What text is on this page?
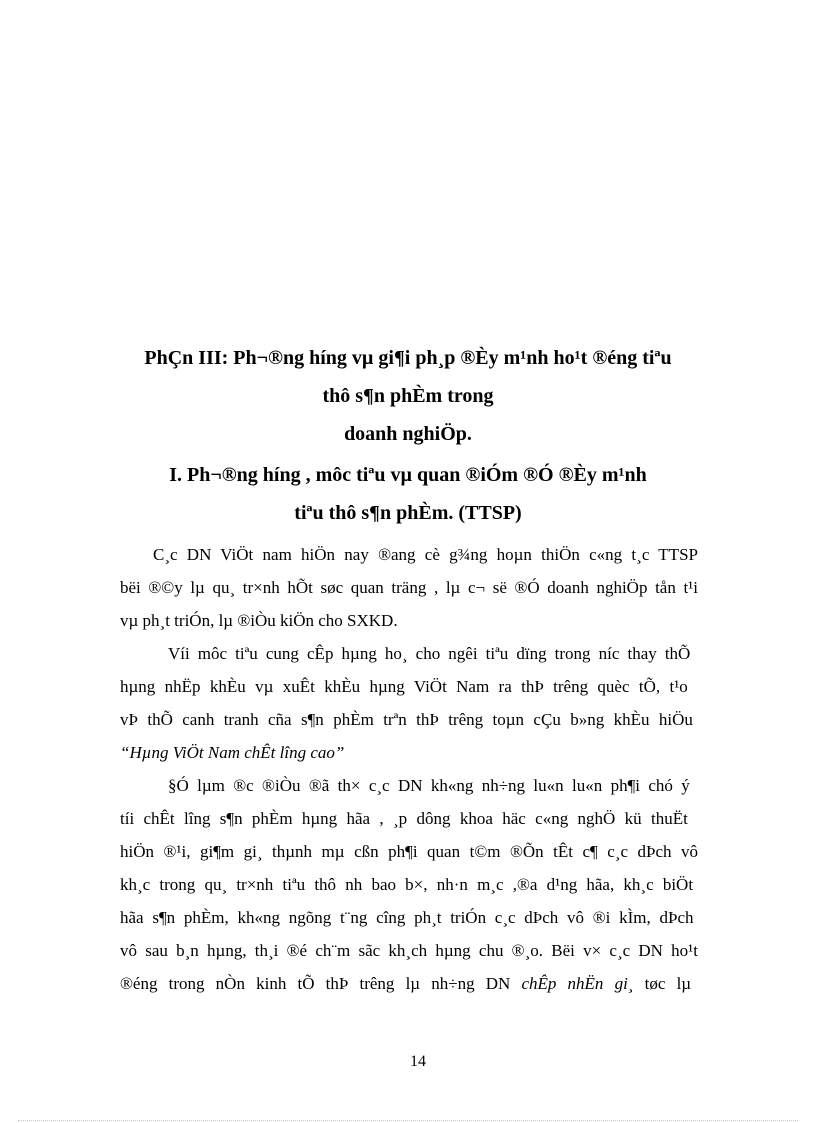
PhÇn III: Ph¬®ng híng vµ gi¶i ph¸p ®Èy m¹nh ho¹t ®éng tiªu
thô s¶n phÈm trong
doanh nghiÖp.
I. Ph¬®ng híng , môc tiªu vµ quan ®iÓm ®Ó ®Èy m¹nh
tiªu thô s¶n phÈm. (TTSP)
C¸c DN ViÖt nam hiÖn nay ®ang cè g¾ng hoµn thiÖn c«ng t¸c TTSP
bëi ®©y lµ qu¸ tr×nh hÕt søc quan träng , lµ c¬ së ®Ó doanh nghiÖp tån t¹i
vµ ph¸t triÓn, lµ ®iÒu kiÖn cho SXKD.
Víi môc tiªu cung cÊp hµng ho¸ cho ngêi tiªu dïng trong níc thay thÕ
hµng nhËp khÈu vµ xuÊt khÈu hµng ViÖt Nam ra thÞ trêng quèc tÕ, t¹o
vÞ thÕ canh tranh cña s¶n phÈm trªn thÞ trêng toµn cÇu b»ng khÈu hiÖu
“Hµng ViÖt Nam chÊt lîng cao”
§Ó lµm ®c ®iÒu ®ã th× c¸c DN kh«ng nh÷ng lu«n lu«n ph¶i chó ý
tíi chÊt lîng s¶n phÈm hµng hãa , ¸p dông khoa häc c«ng nghÖ kü thuËt
hiÖn ®¹i, gi¶m gi¸ thµnh mµ cßn ph¶i quan t©m ®Õn tÊt c¶ c¸c dÞch vô
kh¸c trong qu¸ tr×nh tiªu thô nh bao b×, nh·n m¸c ,®a d¹ng hãa, kh¸c biÖt
hãa s¶n phÈm, kh«ng ngõng t¨ng cîng ph¸t triÓn c¸c dÞch vô ®i kÌm, dÞch
vô sau b¸n hµng, th¸i ®é ch¨m sãc kh¸ch hµng chu ®¸o. Bëi v× c¸c DN ho¹t
®éng trong nÒn kinh tÕ thÞ trêng lµ nh÷ng DN chÊp nhËn gi¸ tøc lµ
14
